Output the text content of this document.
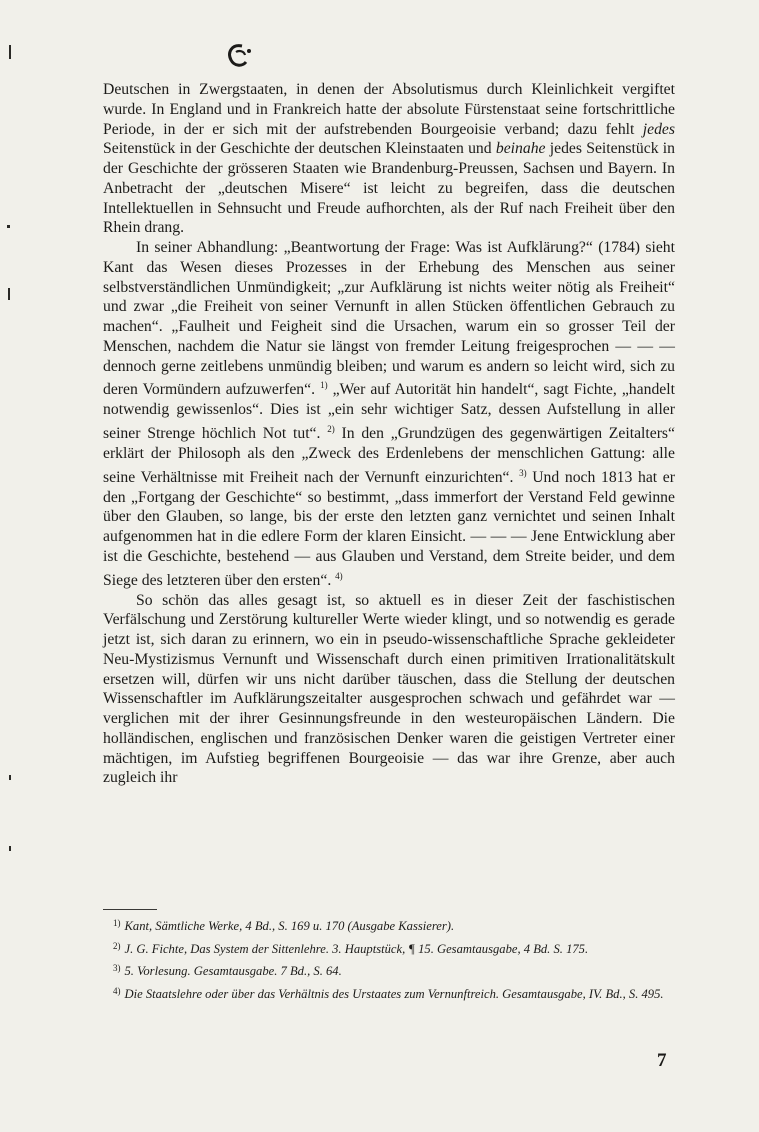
Deutschen in Zwergstaaten, in denen der Absolutismus durch Kleinlichkeit vergiftet wurde. In England und in Frankreich hatte der absolute Fürstenstaat seine fortschrittliche Periode, in der er sich mit der aufstrebenden Bourgeoisie verband; dazu fehlt jedes Seitenstück in der Geschichte der deutschen Kleinstaaten und beinahe jedes Seitenstück in der Geschichte der grösseren Staaten wie Brandenburg-Preussen, Sachsen und Bayern. In Anbetracht der „deutschen Misere“ ist leicht zu begreifen, dass die deutschen Intellektuellen in Sehnsucht und Freude aufhorchten, als der Ruf nach Freiheit über den Rhein drang.

In seiner Abhandlung: „Beantwortung der Frage: Was ist Aufklärung?“ (1784) sieht Kant das Wesen dieses Prozesses in der Erhebung des Menschen aus seiner selbstverständlichen Unmündigkeit; „zur Aufklärung ist nichts weiter nötig als Freiheit“ und zwar „die Freiheit von seiner Vernunft in allen Stücken öffentlichen Gebrauch zu machen“. „Faulheit und Feigheit sind die Ursachen, warum ein so grosser Teil der Menschen, nachdem die Natur sie längst von fremder Leitung freigesprochen — — — dennoch gerne zeitlebens unmündig bleiben; und warum es andern so leicht wird, sich zu deren Vormündern aufzuwerfen“. $^{1)}$ „Wer auf Autorität hin handelt“, sagt Fichte, „handelt notwendig gewissenlos“. Dies ist „ein sehr wichtiger Satz, dessen Aufstellung in aller seiner Strenge höchlich Not tut“. $^{2)}$ In den „Grundzügen des gegenwärtigen Zeitalters“ erklärt der Philosoph als den „Zweck des Erdenlebens der menschlichen Gattung: alle seine Verhältnisse mit Freiheit nach der Vernunft einzurichten“. $^{3)}$ Und noch 1813 hat er den „Fortgang der Geschichte“ so bestimmt, „dass immerfort der Verstand Feld gewinne über den Glauben, so lange, bis der erste den letzten ganz vernichtet und seinen Inhalt aufgenommen hat in die edlere Form der klaren Einsicht. — — — Jene Entwicklung aber ist die Geschichte, bestehend — aus Glauben und Verstand, dem Streite beider, und dem Siege des letzteren über den ersten“. $^{4)}$

So schön das alles gesagt ist, so aktuell es in dieser Zeit der faschistischen Verfälschung und Zerstörung kultureller Werte wieder klingt, und so notwendig es gerade jetzt ist, sich daran zu erinnern, wo ein in pseudo-wissenschaftliche Sprache gekleideter Neu-Mystizismus Vernunft und Wissenschaft durch einen primitiven Irrationalitätskult ersetzen will, dürfen wir uns nicht darüber täuschen, dass die Stellung der deutschen Wissenschaftler im Aufklärungszeitalter ausgesprochen schwach und gefährdet war — verglichen mit der ihrer Gesinnungsfreunde in den westeuropäischen Ländern. Die holländischen, englischen und französischen Denker waren die geistigen Vertreter einer mächtigen, im Aufstieg begriffenen Bourgeoisie — das war ihre Grenze, aber auch zugleich ihr

$^{1)}$ Kant, Sämtliche Werke, 4 Bd., S. 169 u. 170 (Ausgabe Kassierer).

$^{2)}$ J. G. Fichte, Das System der Sittenlehre. 3. Hauptstück, ¶ 15. Gesamtausgabe, 4 Bd. S. 175.

$^{3)}$ 5. Vorlesung. Gesamtausgabe. 7 Bd., S. 64.

$^{4)}$ Die Staatslehre oder über das Verhältnis des Urstaates zum Vernunftreich. Gesamtausgabe, IV. Bd., S. 495.

7
